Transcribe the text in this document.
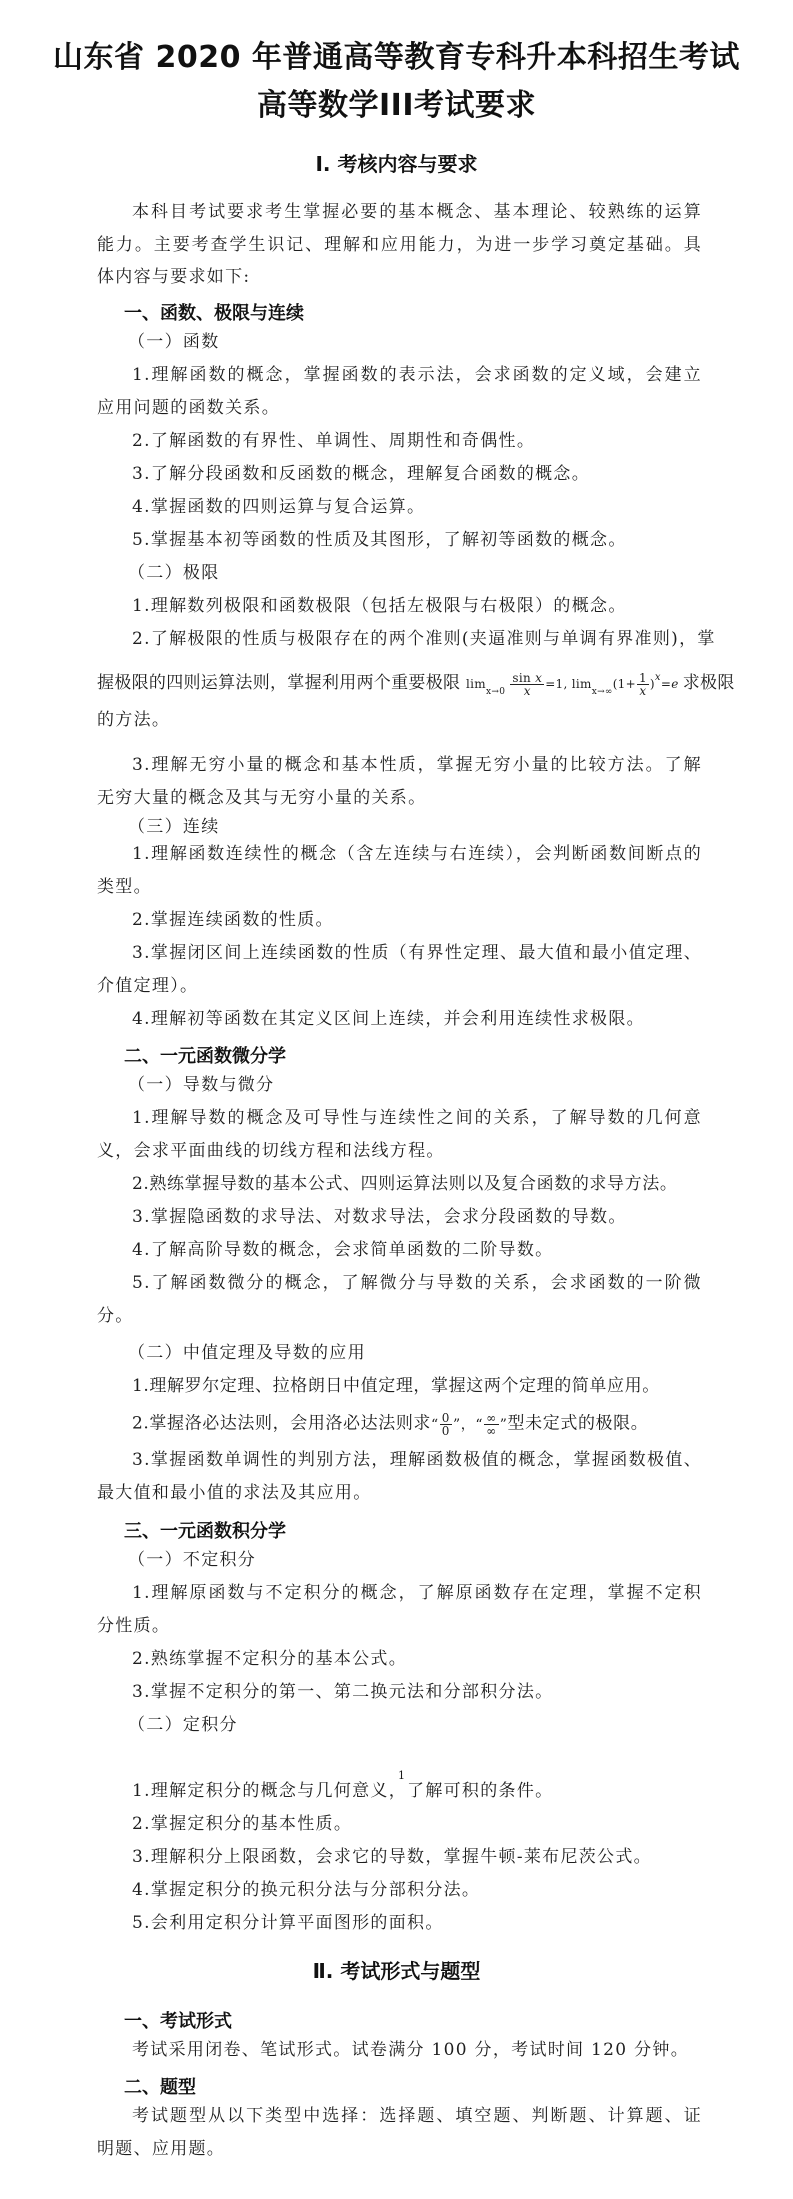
山东省 2020 年普通高等教育专科升本科招生考试
高等数学III考试要求
Ⅰ. 考核内容与要求
本科目考试要求考生掌握必要的基本概念、基本理论、较熟练的运算
能力。主要考查学生识记、理解和应用能力，为进一步学习奠定基础。具
体内容与要求如下:
一、函数、极限与连续
（一）函数
1.理解函数的概念，掌握函数的表示法，会求函数的定义域，会建立
应用问题的函数关系。
2.了解函数的有界性、单调性、周期性和奇偶性。
3.了解分段函数和反函数的概念，理解复合函数的概念。
4.掌握函数的四则运算与复合运算。
5.掌握基本初等函数的性质及其图形，了解初等函数的概念。
（二）极限
1.理解数列极限和函数极限（包括左极限与右极限）的概念。
2.了解极限的性质与极限存在的两个准则(夹逼准则与单调有界准则)，掌
握极限的四则运算法则，掌握利用两个重要极限 $\lim_{x\to 0} \frac{\text{sin x}}{x} =1$, $\lim_{x\to\infty}(1+ \frac{1}{x} )^x=e$ 求极限
的方法。
3.理解无穷小量的概念和基本性质，掌握无穷小量的比较方法。了解
无穷大量的概念及其与无穷小量的关系。
（三）连续
1.理解函数连续性的概念（含左连续与右连续），会判断函数间断点的
类型。
2.掌握连续函数的性质。
3.掌握闭区间上连续函数的性质（有界性定理、最大值和最小值定理、
介值定理）。
4.理解初等函数在其定义区间上连续，并会利用连续性求极限。
二、一元函数微分学
（一）导数与微分
1.理解导数的概念及可导性与连续性之间的关系，了解导数的几何意
义，会求平面曲线的切线方程和法线方程。
2.熟练掌握导数的基本公式、四则运算法则以及复合函数的求导方法。
3.掌握隐函数的求导法、对数求导法，会求分段函数的导数。
4.了解高阶导数的概念，会求简单函数的二阶导数。
5.了解函数微分的概念，了解微分与导数的关系，会求函数的一阶微
分。
（二）中值定理及导数的应用
1.理解罗尔定理、拉格朗日中值定理，掌握这两个定理的简单应用。
2.掌握洛必达法则，会用洛必达法则求“ $\frac{0}{0}$ ”，“ $\frac{\infty}{\infty}$ ”型未定式的极限。
3.掌握函数单调性的判别方法，理解函数极值的概念，掌握函数极值、
最大值和最小值的求法及其应用。
三、一元函数积分学
（一）不定积分
1.理解原函数与不定积分的概念，了解原函数存在定理，掌握不定积
分性质。
2.熟练掌握不定积分的基本公式。
3.掌握不定积分的第一、第二换元法和分部积分法。
（二）定积分
1
1.理解定积分的概念与几何意义，了解可积的条件。
2.掌握定积分的基本性质。
3.理解积分上限函数，会求它的导数，掌握牛顿-莱布尼茨公式。
4.掌握定积分的换元积分法与分部积分法。
5.会利用定积分计算平面图形的面积。
Ⅱ. 考试形式与题型
一、考试形式
考试采用闭卷、笔试形式。试卷满分 100 分，考试时间 120 分钟。
二、题型
考试题型从以下类型中选择：选择题、填空题、判断题、计算题、证
明题、应用题。
